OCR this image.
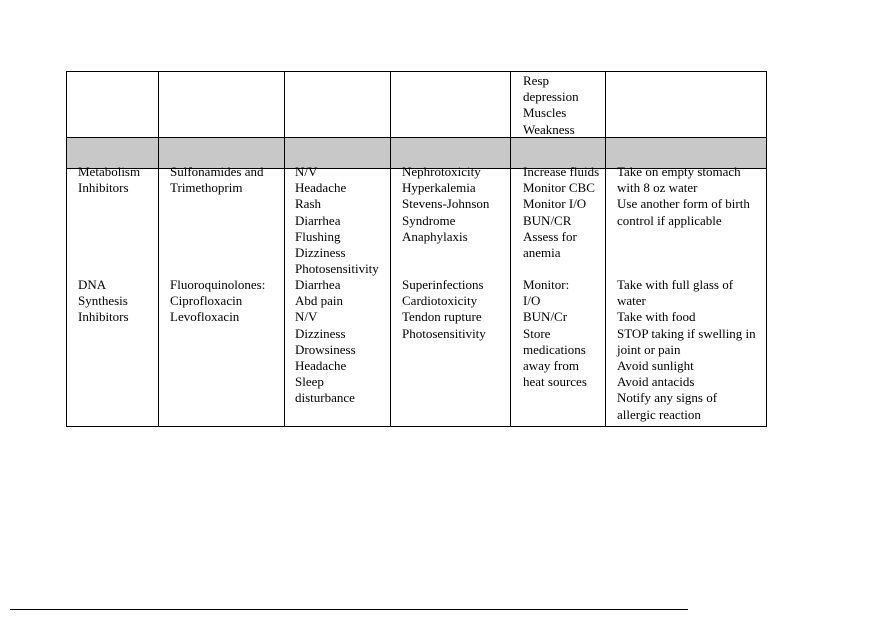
Resp
depression
Muscles
Weakness
Metabolism
Inhibitors
Sulfonamides and
Trimethoprim
N/V
Headache
Rash
Diarrhea
Flushing
Dizziness
Photosensitivity
Nephrotoxicity
Hyperkalemia
Stevens-Johnson
Syndrome
Anaphylaxis
Increase fluids
Monitor CBC
Monitor I/O
BUN/CR
Assess for
anemia
Take on empty stomach
with 8 oz water
Use another form of birth
control if applicable
DNA
Synthesis
Inhibitors
Fluoroquinolones:
Ciprofloxacin
Levofloxacin
Diarrhea
Abd pain
N/V
Dizziness
Drowsiness
Headache
Sleep
disturbance
Superinfections
Cardiotoxicity
Tendon rupture
Photosensitivity
Monitor:
I/O
BUN/Cr
Store
medications
away from
heat sources
Take with full glass of
water
Take with food
STOP taking if swelling in
joint or pain
Avoid sunlight
Avoid antacids
Notify any signs of
allergic reaction
